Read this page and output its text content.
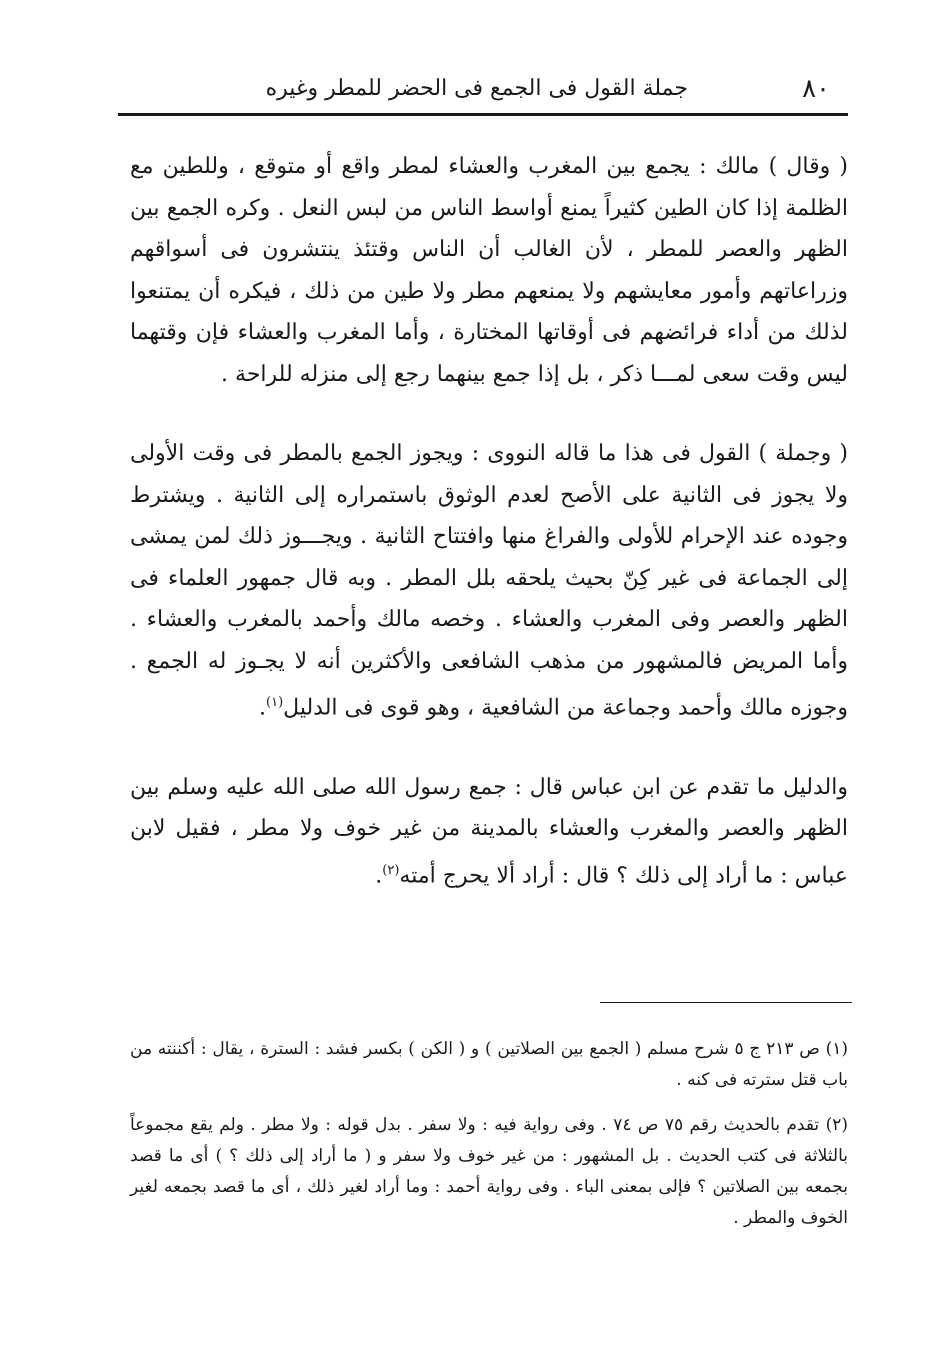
٨٠
جملة القول فى الجمع فى الحضر للمطر وغيره

( وقال ) مالك : يجمع بين المغرب والعشاء لمطر واقع أو متوقع ، وللطين مع الظلمة إذا كان الطين كثيراً يمنع أواسط الناس من لبس النعل . وكره الجمع بين الظهر والعصر للمطر ، لأن الغالب أن الناس وقتئذ ينتشرون فى أسواقهم وزراعاتهم وأمور معايشهم ولا يمنعهم مطر ولا طين من ذلك ، فيكره أن يمتنعوا لذلك من أداء فرائضهم فى أوقاتها المختارة ، وأما المغرب والعشاء فإن وقتهما ليس وقت سعى لمـــا ذكر ، بل إذا جمع بينهما رجع إلى منزله للراحة .

( وجملة ) القول فى هذا ما قاله النووى : ويجوز الجمع بالمطر فى وقت الأولى ولا يجوز فى الثانية على الأصح لعدم الوثوق باستمراره إلى الثانية . ويشترط وجوده عند الإحرام للأولى والفراغ منها وافتتاح الثانية . ويجـــوز ذلك لمن يمشى إلى الجماعة فى غير كِنّ بحيث يلحقه بلل المطر . وبه قال جمهور العلماء فى الظهر والعصر وفى المغرب والعشاء . وخصه مالك وأحمد بالمغرب والعشاء . وأما المريض فالمشهور من مذهب الشافعى والأكثرين أنه لا يجـوز له الجمع . وجوزه مالك وأحمد وجماعة من الشافعية ، وهو قوى فى الدليل$^{(١)}$.

والدليل ما تقدم عن ابن عباس قال : جمع رسول الله صلى الله عليه وسلم بين الظهر والعصر والمغرب والعشاء بالمدينة من غير خوف ولا مطر ، فقيل لابن عباس : ما أراد إلى ذلك ؟ قال : أراد ألا يحرج أمته$^{(٢)}$.

(١) ص ٢١٣ ج ٥ شرح مسلم ( الجمع بين الصلاتين ) و ( الكن ) بكسر فشد : السترة ، يقال : أكننته من باب قتل سترته فى كنه .

(٢) تقدم بالحديث رقم ٧٥ ص ٧٤ . وفى رواية فيه : ولا سفر . بدل قوله : ولا مطر . ولم يقع مجموعاً بالثلاثة فى كتب الحديث . بل المشهور : من غير خوف ولا سفر و ( ما أراد إلى ذلك ؟ ) أى ما قصد بجمعه بين الصلاتين ؟ فإلى بمعنى الباء . وفى رواية أحمد : وما أراد لغير ذلك ، أى ما قصد بجمعه لغير الخوف والمطر .
